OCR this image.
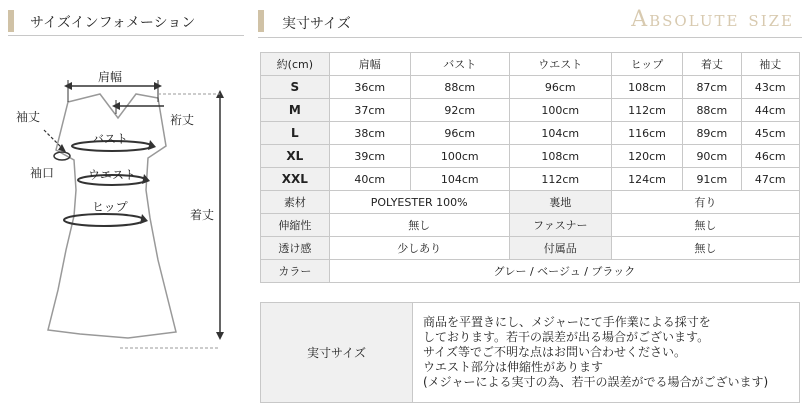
サイズインフォメーション
肩幅
裄丈
袖丈
袖口
バスト
ウエスト
ヒップ
着丈
実寸サイズ	Absolute size
約(cm)	肩幅	バスト	ウエスト	ヒップ	着丈	袖丈
S	36cm	88cm	96cm	108cm	87cm	43cm
M	37cm	92cm	100cm	112cm	88cm	44cm
L	38cm	96cm	104cm	116cm	89cm	45cm
XL	39cm	100cm	108cm	120cm	90cm	46cm
XXL	40cm	104cm	112cm	124cm	91cm	47cm
素材	POLYESTER 100%		裏地	有り		
伸縮性	無し		ファスナー	無し		
透け感	少しあり		付属品	無し		
カラー	グレー / ベージュ / ブラック					
実寸サイズ	
商品を平置きにし、メジャーにて手作業による採寸を
しております。若干の誤差が出る場合がございます。
サイズ等でご不明な点はお問い合わせください。
ウエスト部分は伸縮性があります
(メジャーによる実寸の為、若干の誤差がでる場合がございます)
